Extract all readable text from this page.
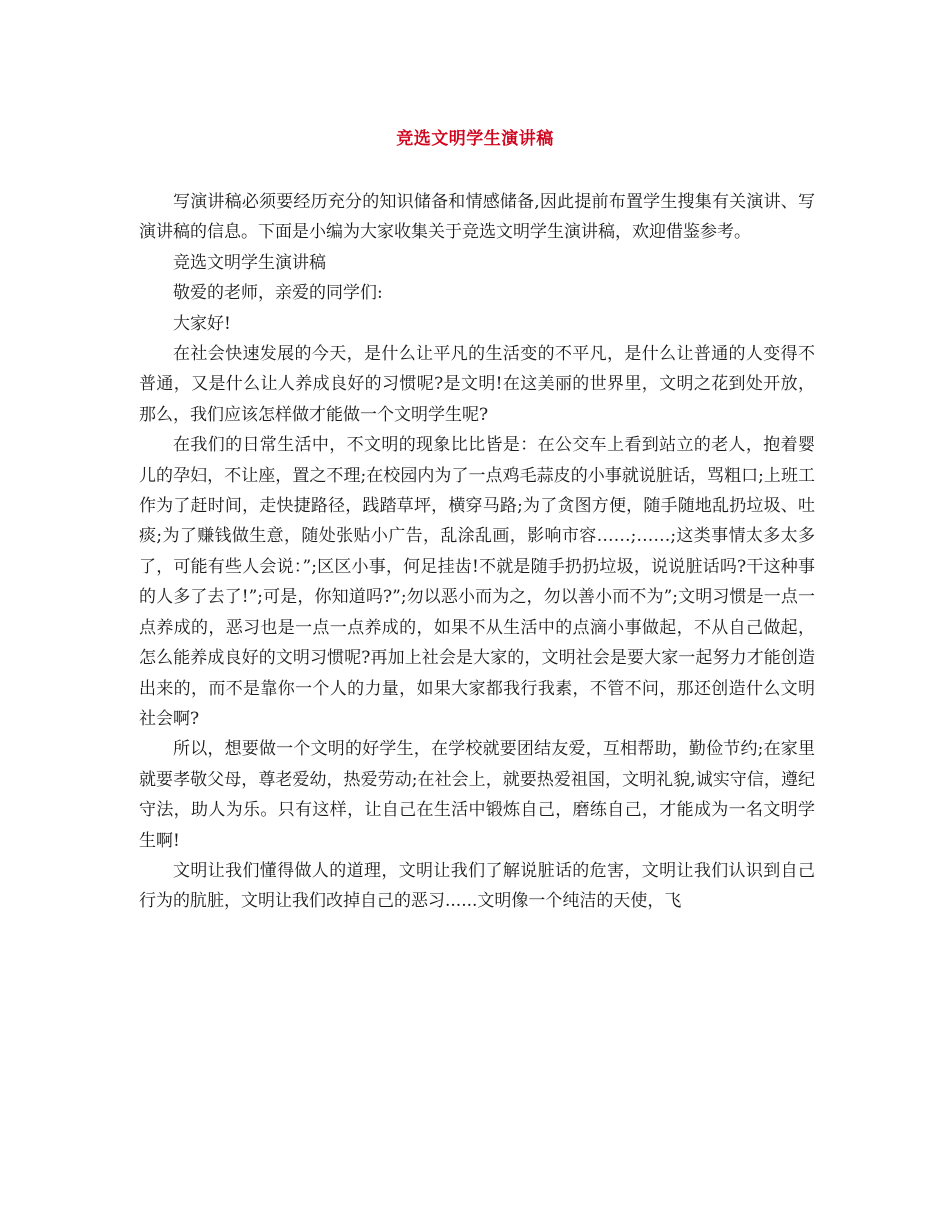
竞选文明学生演讲稿

写演讲稿必须要经历充分的知识储备和情感储备,因此提前布置学生搜集有关演讲、写演讲稿的信息。下面是小编为大家收集关于竞选文明学生演讲稿，欢迎借鉴参考。

竞选文明学生演讲稿

敬爱的老师，亲爱的同学们:

大家好!

在社会快速发展的今天，是什么让平凡的生活变的不平凡，是什么让普通的人变得不普通，又是什么让人养成良好的习惯呢?是文明!在这美丽的世界里，文明之花到处开放，那么，我们应该怎样做才能做一个文明学生呢?

在我们的日常生活中，不文明的现象比比皆是：在公交车上看到站立的老人，抱着婴儿的孕妇，不让座，置之不理;在校园内为了一点鸡毛蒜皮的小事就说脏话，骂粗口;上班工作为了赶时间，走快捷路径，践踏草坪，横穿马路;为了贪图方便，随手随地乱扔垃圾、吐痰;为了赚钱做生意，随处张贴小广告，乱涂乱画，影响市容……;……;这类事情太多太多了，可能有些人会说：”;区区小事，何足挂齿!不就是随手扔扔垃圾，说说脏话吗?干这种事的人多了去了!”;可是，你知道吗?”;勿以恶小而为之，勿以善小而不为”;文明习惯是一点一点养成的，恶习也是一点一点养成的，如果不从生活中的点滴小事做起，不从自己做起，怎么能养成良好的文明习惯呢?再加上社会是大家的，文明社会是要大家一起努力才能创造出来的，而不是靠你一个人的力量，如果大家都我行我素，不管不问，那还创造什么文明社会啊?

所以，想要做一个文明的好学生，在学校就要团结友爱，互相帮助，勤俭节约;在家里就要孝敬父母，尊老爱幼，热爱劳动;在社会上，就要热爱祖国，文明礼貌,诚实守信，遵纪守法，助人为乐。只有这样，让自己在生活中锻炼自己，磨练自己，才能成为一名文明学生啊!

文明让我们懂得做人的道理，文明让我们了解说脏话的危害，文明让我们认识到自己行为的肮脏，文明让我们改掉自己的恶习......文明像一个纯洁的天使，飞
